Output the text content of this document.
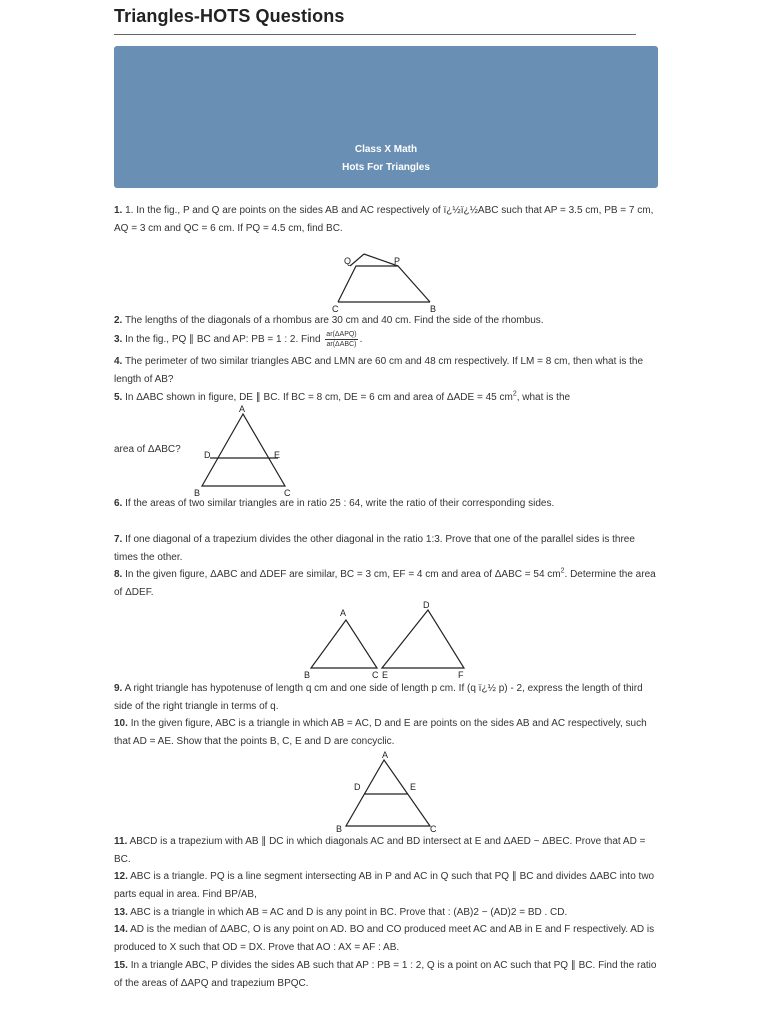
Triangles-HOTS Questions
Class X Math
Hots For Triangles
1. 1. In the fig., P and Q are points on the sides AB and AC respectively of ï¿½ï¿½ABC such that AP = 3.5 cm, PB = 7 cm, AQ = 3 cm and QC = 6 cm. If PQ = 4.5 cm, find BC.
Q	P
C	B
2. The lengths of the diagonals of a rhombus are 30 cm and 40 cm. Find the side of the rhombus.
3. In the fig., PQ ∥ BC and AP: PB = 1 : 2. Find $\frac{\text{ar(ΔAPQ)}}{\text{ar(ΔABC)}}$ .
4. The perimeter of two similar triangles ABC and LMN are 60 cm and 48 cm respectively. If LM = 8 cm, then what is the length of AB?
5. In ΔABC shown in figure, DE ∥ BC. If BC = 8 cm, DE = 6 cm and area of ΔADE = 45 $cm^2$, what is the
area of ΔABC?
A
D	E
B	C
6. If the areas of two similar triangles are in ratio 25 : 64, write the ratio of their corresponding sides.
7. If one diagonal of a trapezium divides the other diagonal in the ratio 1:3. Prove that one of the parallel sides is three times the other.
8. In the given figure, ΔABC and ΔDEF are similar, BC = 3 cm, EF = 4 cm and area of ΔABC = 54 $cm^2$. Determine the area of ΔDEF.
A
B	C
D
E	F
9. A right triangle has hypotenuse of length q cm and one side of length p cm. If (q ï¿½ p) - 2, express the length of third side of the right triangle in terms of q.
10. In the given figure, ABC is a triangle in which AB = AC, D and E are points on the sides AB and AC respectively, such that AD = AE. Show that the points B, C, E and D are concyclic.
A
D	E
B	C
11. ABCD is a trapezium with AB ∥ DC in which diagonals AC and BD intersect at E and ΔAED ~ ΔBEC. Prove that AD = BC.
12. ABC is a triangle. PQ is a line segment intersecting AB in P and AC in Q such that PQ ∥ BC and divides ΔABC into two parts equal in area. Find BP/AB,
13. ABC is a triangle in which AB = AC and D is any point in BC. Prove that : (AB)2 − (AD)2 = BD . CD.
14. AD is the median of ΔABC, O is any point on AD. BO and CO produced meet AC and AB in E and F respectively. AD is produced to X such that OD = DX. Prove that AO : AX = AF : AB.
15. In a triangle ABC, P divides the sides AB such that AP : PB = 1 : 2, Q is a point on AC such that PQ ∥ BC. Find the ratio of the areas of ΔAPQ and trapezium BPQC.
